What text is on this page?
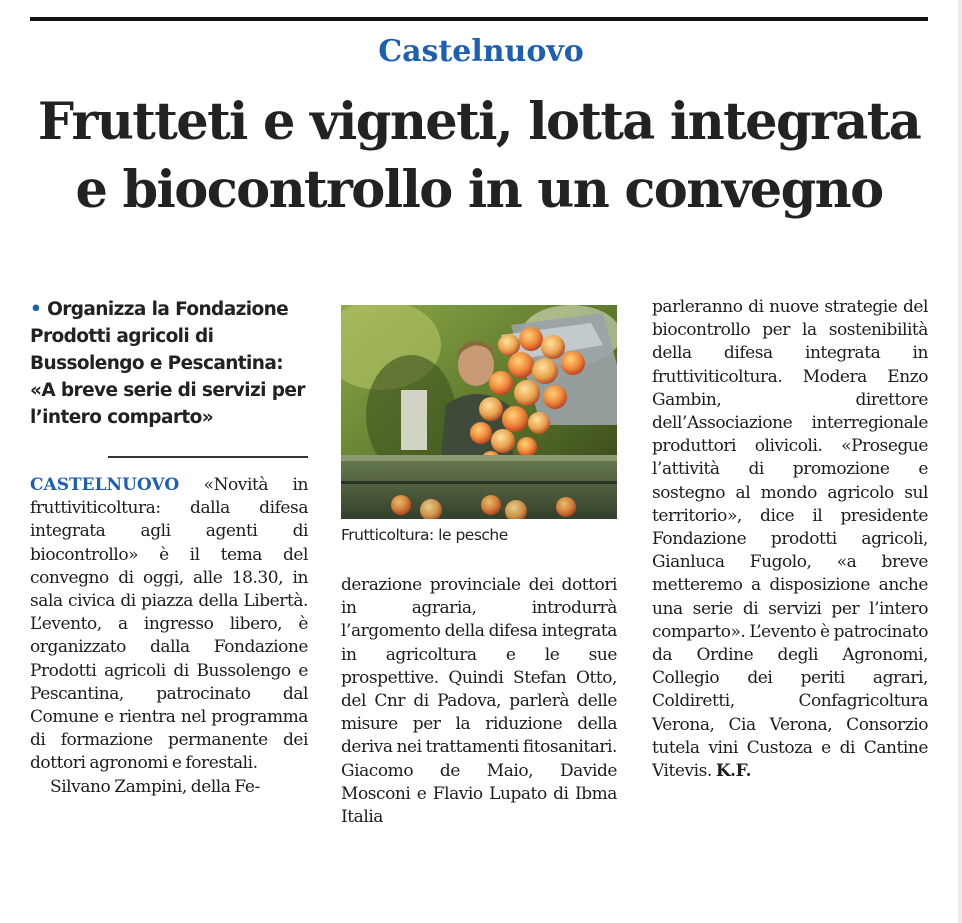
Castelnuovo
Frutteti e vigneti, lotta integrata
e biocontrollo in un convegno
• Organizza la Fondazione Prodotti agricoli di Bussolengo e Pescantina: «A breve serie di servizi per l’intero comparto»

CASTELNUOVO «Novità in fruttiviticoltura: dalla difesa integrata agli agenti di biocontrollo» è il tema del convegno di oggi, alle 18.30, in sala civica di piazza della Libertà. L’evento, a ingresso libero, è organizzato dalla Fondazione Prodotti agricoli di Bussolengo e Pescantina, patrocinato dal Comune e rientra nel programma di formazione permanente dei dottori agronomi e forestali.

Silvano Zampini, della Fe-

Frutticoltura: le pesche

derazione provinciale dei dottori in agraria, introdurrà l’argomento della difesa integrata in agricoltura e le sue prospettive. Quindi Stefan Otto, del Cnr di Padova, parlerà delle misure per la riduzione della deriva nei trattamenti fitosanitari. Giacomo de Maio, Davide Mosconi e Flavio Lupato di Ibma Italia

parleranno di nuove strategie del biocontrollo per la sostenibilità della difesa integrata in fruttiviticoltura. Modera Enzo Gambin, direttore dell’Associazione interregionale produttori olivicoli. «Prosegue l’attività di promozione e sostegno al mondo agricolo sul territorio», dice il presidente Fondazione prodotti agricoli, Gianluca Fugolo, «a breve metteremo a disposizione anche una serie di servizi per l’intero comparto». L’evento è patrocinato da Ordine degli Agronomi, Collegio dei periti agrari, Coldiretti, Confagricoltura Verona, Cia Verona, Consorzio tutela vini Custoza e di Cantine Vitevis. K.F.
